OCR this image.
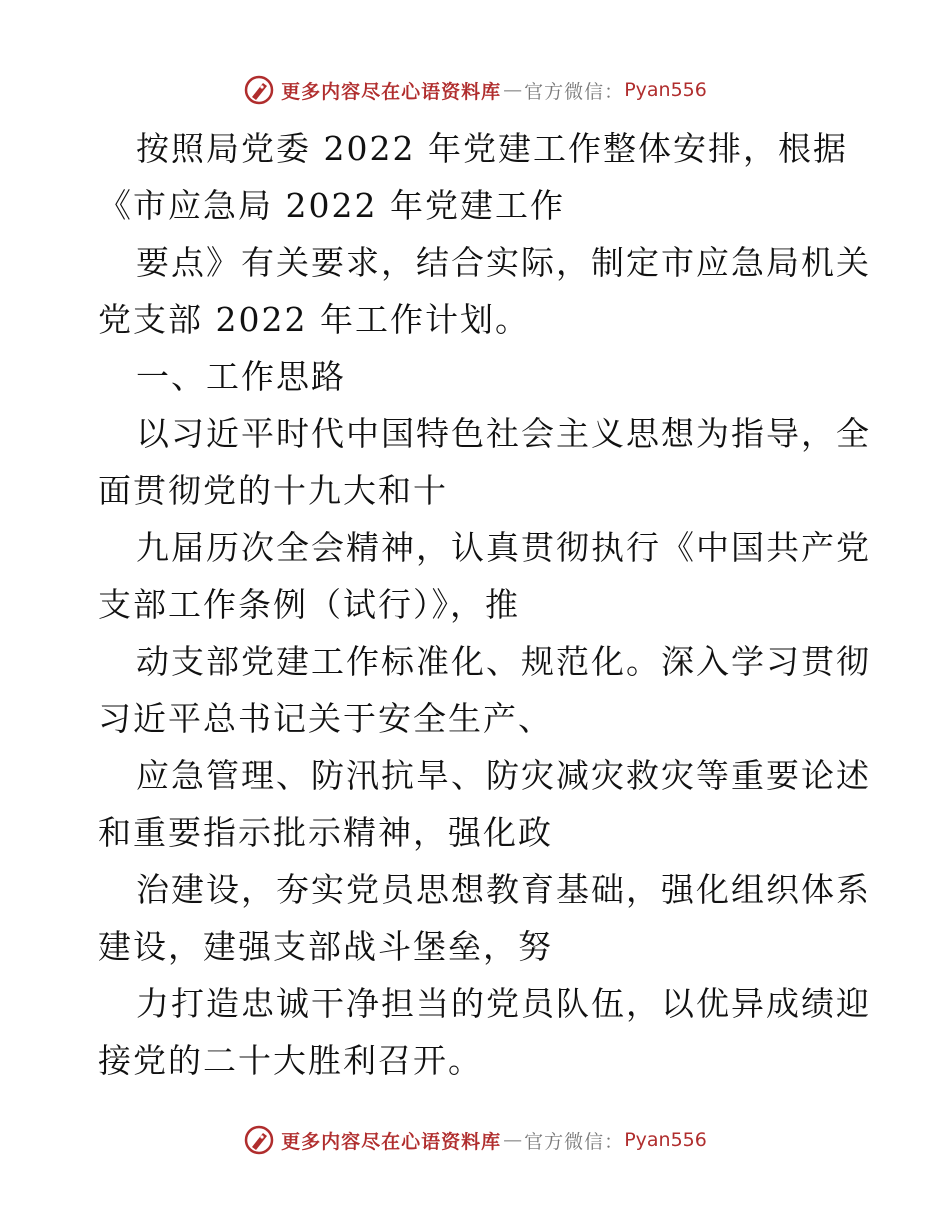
更多内容尽在心语资料库 — 官方微信： Pyan556
按照局党委 2022 年党建工作整体安排，根据
《市应急局 2022 年党建工作
要点》有关要求，结合实际，制定市应急局机关
党支部 2022 年工作计划。
一、工作思路
以习近平时代中国特色社会主义思想为指导，全
面贯彻党的十九大和十
九届历次全会精神，认真贯彻执行《中国共产党
支部工作条例（试行）》，推
动支部党建工作标准化、规范化。深入学习贯彻
习近平总书记关于安全生产、
应急管理、防汛抗旱、防灾减灾救灾等重要论述
和重要指示批示精神，强化政
治建设，夯实党员思想教育基础，强化组织体系
建设，建强支部战斗堡垒，努
力打造忠诚干净担当的党员队伍，以优异成绩迎
接党的二十大胜利召开。
更多内容尽在心语资料库 — 官方微信： Pyan556
